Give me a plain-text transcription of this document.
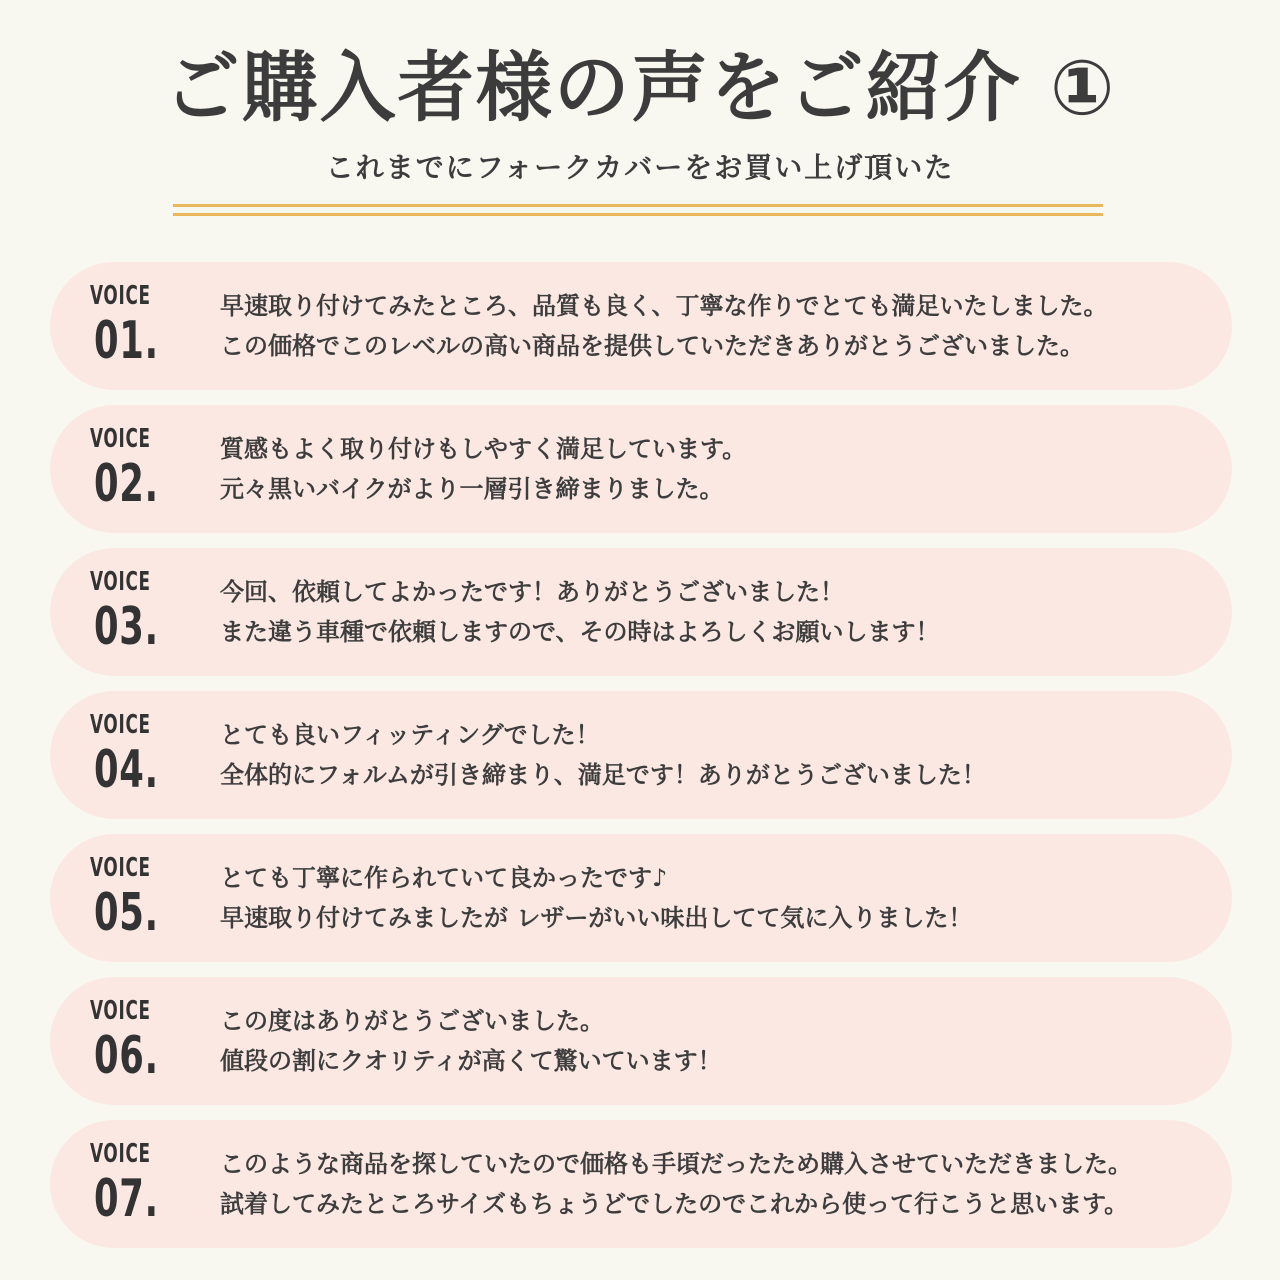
ご購入者様の声をご紹介 ①
これまでにフォークカバーをお買い上げ頂いた
VOICE
01.
早速取り付けてみたところ、品質も良く、丁寧な作りでとても満足いたしました。
この価格でこのレベルの高い商品を提供していただきありがとうございました。
VOICE
02.
質感もよく取り付けもしやすく満足しています。
元々黒いバイクがより一層引き締まりました。
VOICE
03.
今回、依頼してよかったです！ありがとうございました！
また違う車種で依頼しますので、その時はよろしくお願いします！
VOICE
04.
とても良いフィッティングでした！
全体的にフォルムが引き締まり、満足です！ありがとうございました！
VOICE
05.
とても丁寧に作られていて良かったです♪
早速取り付けてみましたが レザーがいい味出してて気に入りました！
VOICE
06.
この度はありがとうございました。
値段の割にクオリティが高くて驚いています！
VOICE
07.
このような商品を探していたので価格も手頃だったため購入させていただきました。
試着してみたところサイズもちょうどでしたのでこれから使って行こうと思います。
